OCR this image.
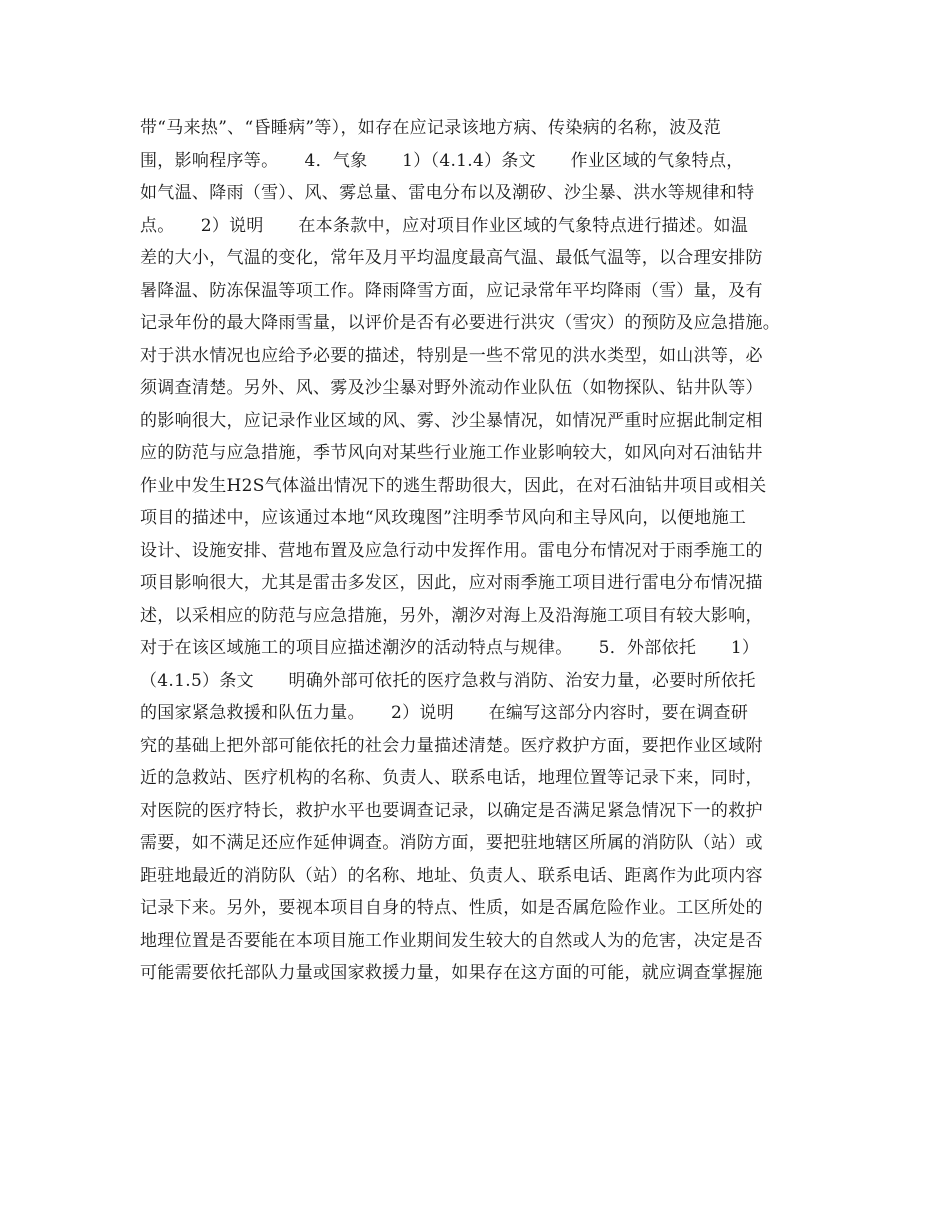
带“马来热”、“昏睡病”等），如存在应记录该地方病、传染病的名称，波及范
围，影响程序等。　　4．气象　　1）（4.1.4）条文　　作业区域的气象特点，
如气温、降雨（雪）、风、雾总量、雷电分布以及潮矽、沙尘暴、洪水等规律和特
点。　　2）说明　　在本条款中，应对项目作业区域的气象特点进行描述。如温
差的大小，气温的变化，常年及月平均温度最高气温、最低气温等，以合理安排防
暑降温、防冻保温等项工作。降雨降雪方面，应记录常年平均降雨（雪）量，及有
记录年份的最大降雨雪量，以评价是否有必要进行洪灾（雪灾）的预防及应急措施。
对于洪水情况也应给予必要的描述，特别是一些不常见的洪水类型，如山洪等，必
须调查清楚。另外、风、雾及沙尘暴对野外流动作业队伍（如物探队、钻井队等）
的影响很大，应记录作业区域的风、雾、沙尘暴情况，如情况严重时应据此制定相
应的防范与应急措施，季节风向对某些行业施工作业影响较大，如风向对石油钻井
作业中发生H2S气体溢出情况下的逃生帮助很大，因此，在对石油钻井项目或相关
项目的描述中，应该通过本地“风玫瑰图”注明季节风向和主导风向，以便地施工
设计、设施安排、营地布置及应急行动中发挥作用。雷电分布情况对于雨季施工的
项目影响很大，尤其是雷击多发区，因此，应对雨季施工项目进行雷电分布情况描
述，以采相应的防范与应急措施，另外，潮汐对海上及沿海施工项目有较大影响，
对于在该区域施工的项目应描述潮汐的活动特点与规律。　　5．外部依托　　1）
（4.1.5）条文　　明确外部可依托的医疗急救与消防、治安力量，必要时所依托
的国家紧急救援和队伍力量。　　2）说明　　在编写这部分内容时，要在调查研
究的基础上把外部可能依托的社会力量描述清楚。医疗救护方面，要把作业区域附
近的急救站、医疗机构的名称、负责人、联系电话，地理位置等记录下来，同时，
对医院的医疗特长，救护水平也要调查记录，以确定是否满足紧急情况下一的救护
需要，如不满足还应作延伸调查。消防方面，要把驻地辖区所属的消防队（站）或
距驻地最近的消防队（站）的名称、地址、负责人、联系电话、距离作为此项内容
记录下来。另外，要视本项目自身的特点、性质，如是否属危险作业。工区所处的
地理位置是否要能在本项目施工作业期间发生较大的自然或人为的危害，决定是否
可能需要依托部队力量或国家救援力量，如果存在这方面的可能，就应调查掌握施
